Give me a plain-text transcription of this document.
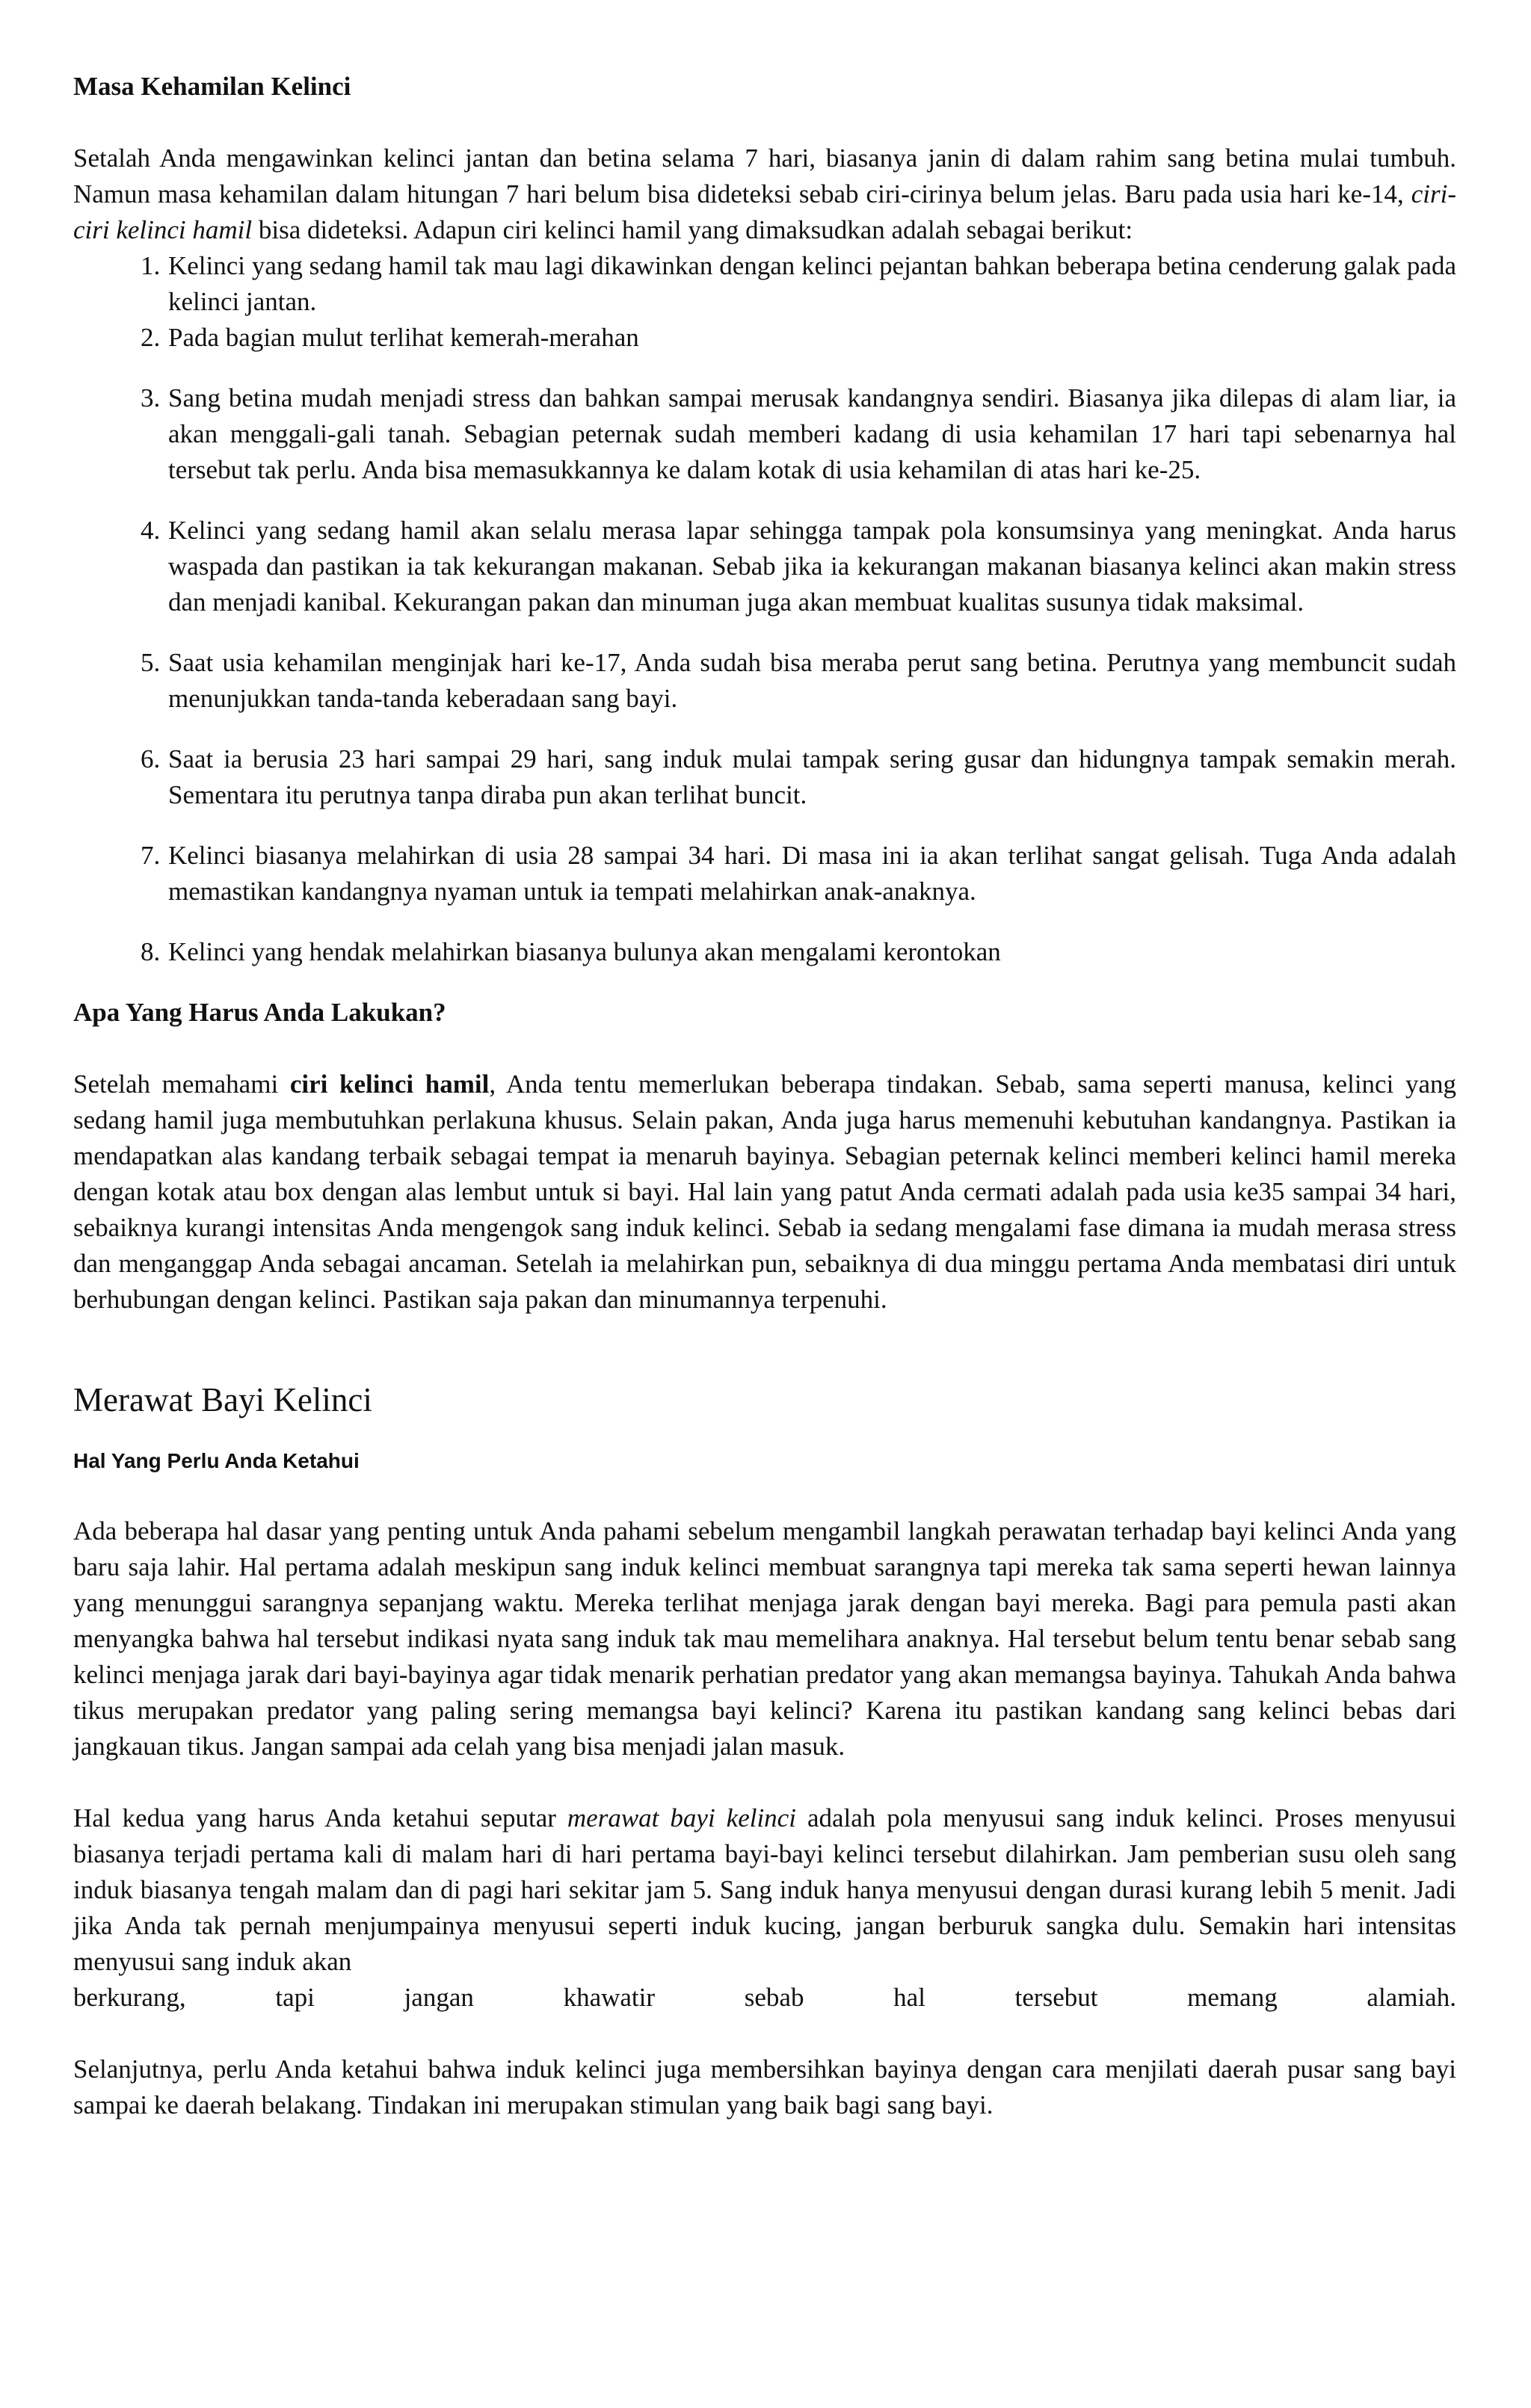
Masa Kehamilan Kelinci

Setalah Anda mengawinkan kelinci jantan dan betina selama 7 hari, biasanya janin di dalam rahim sang betina mulai tumbuh. Namun masa kehamilan dalam hitungan 7 hari belum bisa dideteksi sebab ciri-cirinya belum jelas. Baru pada usia hari ke-14, ciri-ciri kelinci hamil bisa dideteksi. Adapun ciri kelinci hamil yang dimaksudkan adalah sebagai berikut:

1. Kelinci yang sedang hamil tak mau lagi dikawinkan dengan kelinci pejantan bahkan beberapa betina cenderung galak pada kelinci jantan.
2. Pada bagian mulut terlihat kemerah-merahan
3. Sang betina mudah menjadi stress dan bahkan sampai merusak kandangnya sendiri. Biasanya jika dilepas di alam liar, ia akan menggali-gali tanah. Sebagian peternak sudah memberi kadang di usia kehamilan 17 hari tapi sebenarnya hal tersebut tak perlu. Anda bisa memasukkannya ke dalam kotak di usia kehamilan di atas hari ke-25.
4. Kelinci yang sedang hamil akan selalu merasa lapar sehingga tampak pola konsumsinya yang meningkat. Anda harus waspada dan pastikan ia tak kekurangan makanan. Sebab jika ia kekurangan makanan biasanya kelinci akan makin stress dan menjadi kanibal. Kekurangan pakan dan minuman juga akan membuat kualitas susunya tidak maksimal.
5. Saat usia kehamilan menginjak hari ke-17, Anda sudah bisa meraba perut sang betina. Perutnya yang membuncit sudah menunjukkan tanda-tanda keberadaan sang bayi.
6. Saat ia berusia 23 hari sampai 29 hari, sang induk mulai tampak sering gusar dan hidungnya tampak semakin merah. Sementara itu perutnya tanpa diraba pun akan terlihat buncit.
7. Kelinci biasanya melahirkan di usia 28 sampai 34 hari. Di masa ini ia akan terlihat sangat gelisah. Tuga Anda adalah memastikan kandangnya nyaman untuk ia tempati melahirkan anak-anaknya.
8. Kelinci yang hendak melahirkan biasanya bulunya akan mengalami kerontokan
Apa Yang Harus Anda Lakukan?

Setelah memahami ciri kelinci hamil, Anda tentu memerlukan beberapa tindakan. Sebab, sama seperti manusa, kelinci yang sedang hamil juga membutuhkan perlakuna khusus. Selain pakan, Anda juga harus memenuhi kebutuhan kandangnya. Pastikan ia mendapatkan alas kandang terbaik sebagai tempat ia menaruh bayinya. Sebagian peternak kelinci memberi kelinci hamil mereka dengan kotak atau box dengan alas lembut untuk si bayi. Hal lain yang patut Anda cermati adalah pada usia ke35 sampai 34 hari, sebaiknya kurangi intensitas Anda mengengok sang induk kelinci. Sebab ia sedang mengalami fase dimana ia mudah merasa stress dan menganggap Anda sebagai ancaman. Setelah ia melahirkan pun, sebaiknya di dua minggu pertama Anda membatasi diri untuk berhubungan dengan kelinci. Pastikan saja pakan dan minumannya terpenuhi.

Merawat Bayi Kelinci
Hal Yang Perlu Anda Ketahui

Ada beberapa hal dasar yang penting untuk Anda pahami sebelum mengambil langkah perawatan terhadap bayi kelinci Anda yang baru saja lahir. Hal pertama adalah meskipun sang induk kelinci membuat sarangnya tapi mereka tak sama seperti hewan lainnya yang menunggui sarangnya sepanjang waktu. Mereka terlihat menjaga jarak dengan bayi mereka. Bagi para pemula pasti akan menyangka bahwa hal tersebut indikasi nyata sang induk tak mau memelihara anaknya. Hal tersebut belum tentu benar sebab sang kelinci menjaga jarak dari bayi-bayinya agar tidak menarik perhatian predator yang akan memangsa bayinya. Tahukah Anda bahwa tikus merupakan predator yang paling sering memangsa bayi kelinci? Karena itu pastikan kandang sang kelinci bebas dari jangkauan tikus. Jangan sampai ada celah yang bisa menjadi jalan masuk.

Hal kedua yang harus Anda ketahui seputar merawat bayi kelinci adalah pola menyusui sang induk kelinci. Proses menyusui biasanya terjadi pertama kali di malam hari di hari pertama bayi-bayi kelinci tersebut dilahirkan. Jam pemberian susu oleh sang induk biasanya tengah malam dan di pagi hari sekitar jam 5. Sang induk hanya menyusui dengan durasi kurang lebih 5 menit. Jadi jika Anda tak pernah menjumpainya menyusui seperti induk kucing, jangan berburuk sangka dulu. Semakin hari intensitas menyusui sang induk akan

berkurang,	tapi	jangan	khawatir	sebab	hal	tersebut	memang	alamiah.

Selanjutnya, perlu Anda ketahui bahwa induk kelinci juga membersihkan bayinya dengan cara menjilati daerah pusar sang bayi sampai ke daerah belakang. Tindakan ini merupakan stimulan yang baik bagi sang bayi.
